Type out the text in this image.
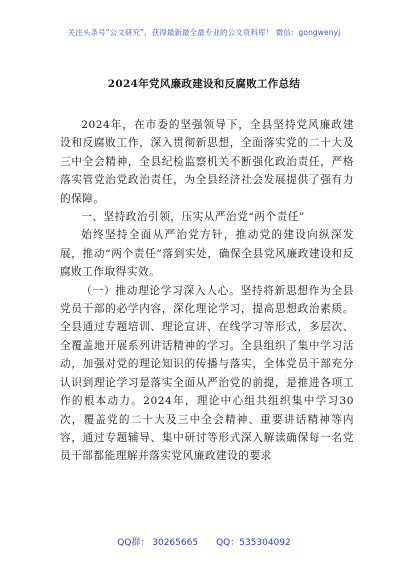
关注头条号“公文研究”，获得最新最全最专业的公文资料库！ 微信：gongwenyj
2024年党风廉政建设和反腐败工作总结

2024年，在市委的坚强领导下，全县坚持党风廉政建设和反腐败工作，深入贯彻新思想，全面落实党的二十大及三中全会精神，全县纪检监察机关不断强化政治责任，严格落实管党治党政治责任，为全县经济社会发展提供了强有力的保障。

一、坚持政治引领，压实从严治党“两个责任”

始终坚持全面从严治党方针，推动党的建设向纵深发展，推动“两个责任”落到实处，确保全县党风廉政建设和反腐败工作取得实效。

（一）推动理论学习深入人心。坚持将新思想作为全县党员干部的必学内容，深化理论学习，提高思想政治素质。全县通过专题培训、理论宣讲、在线学习等形式，多层次、全覆盖地开展系列讲话精神的学习。全县组织了集中学习活动，加强对党的理论知识的传播与落实，全体党员干部充分认识到理论学习是落实全面从严治党的前提，是推进各项工作的根本动力。2024年，理论中心组共组织集中学习30次，覆盖党的二十大及三中全会精神、重要讲话精神等内容，通过专题辅导、集中研讨等形式深入解读确保每一名党员干部都能理解并落实党风廉政建设的要求

QQ群： 30265665 QQ：535304092
